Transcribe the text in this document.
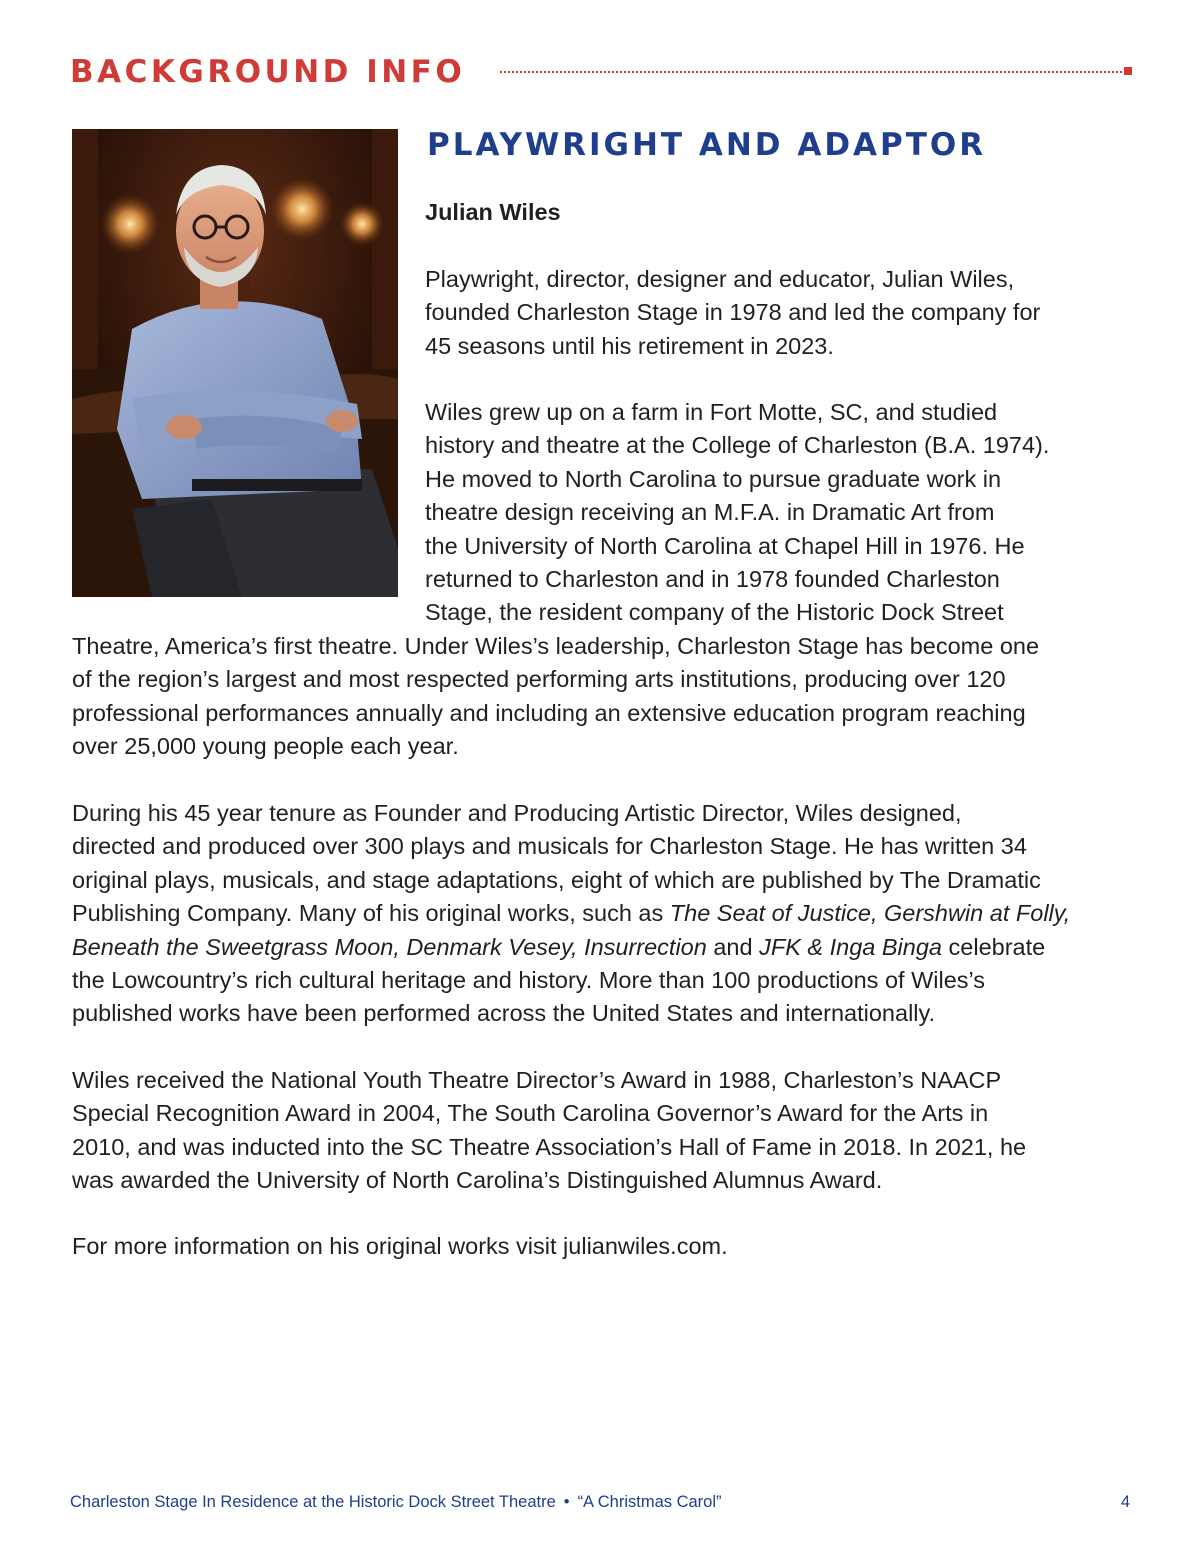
BACKGROUND INFO
PLAYWRIGHT AND ADAPTOR

Julian Wiles

Playwright, director, designer and educator, Julian Wiles,
founded Charleston Stage in 1978 and led the company for
45 seasons until his retirement in 2023.
Wiles grew up on a farm in Fort Motte, SC, and studied
history and theatre at the College of Charleston (B.A. 1974).
He moved to North Carolina to pursue graduate work in
theatre design receiving an M.F.A. in Dramatic Art from
the University of North Carolina at Chapel Hill in 1976. He
returned to Charleston and in 1978 founded Charleston
Stage, the resident company of the Historic Dock Street
Theatre, America’s first theatre. Under Wiles’s leadership, Charleston Stage has become one
of the region’s largest and most respected performing arts institutions, producing over 120
professional performances annually and including an extensive education program reaching
over 25,000 young people each year.
During his 45 year tenure as Founder and Producing Artistic Director, Wiles designed,
directed and produced over 300 plays and musicals for Charleston Stage. He has written 34
original plays, musicals, and stage adaptations, eight of which are published by The Dramatic
Publishing Company. Many of his original works, such as The Seat of Justice, Gershwin at Folly,
Beneath the Sweetgrass Moon, Denmark Vesey, Insurrection and JFK & Inga Binga celebrate
the Lowcountry’s rich cultural heritage and history. More than 100 productions of Wiles’s
published works have been performed across the United States and internationally.
Wiles received the National Youth Theatre Director’s Award in 1988, Charleston’s NAACP
Special Recognition Award in 2004, The South Carolina Governor’s Award for the Arts in
2010, and was inducted into the SC Theatre Association’s Hall of Fame in 2018. In 2021, he
was awarded the University of North Carolina’s Distinguished Alumnus Award.
For more information on his original works visit julianwiles.com.
Charleston Stage In Residence at the Historic Dock Street Theatre • “A Christmas Carol”	4
